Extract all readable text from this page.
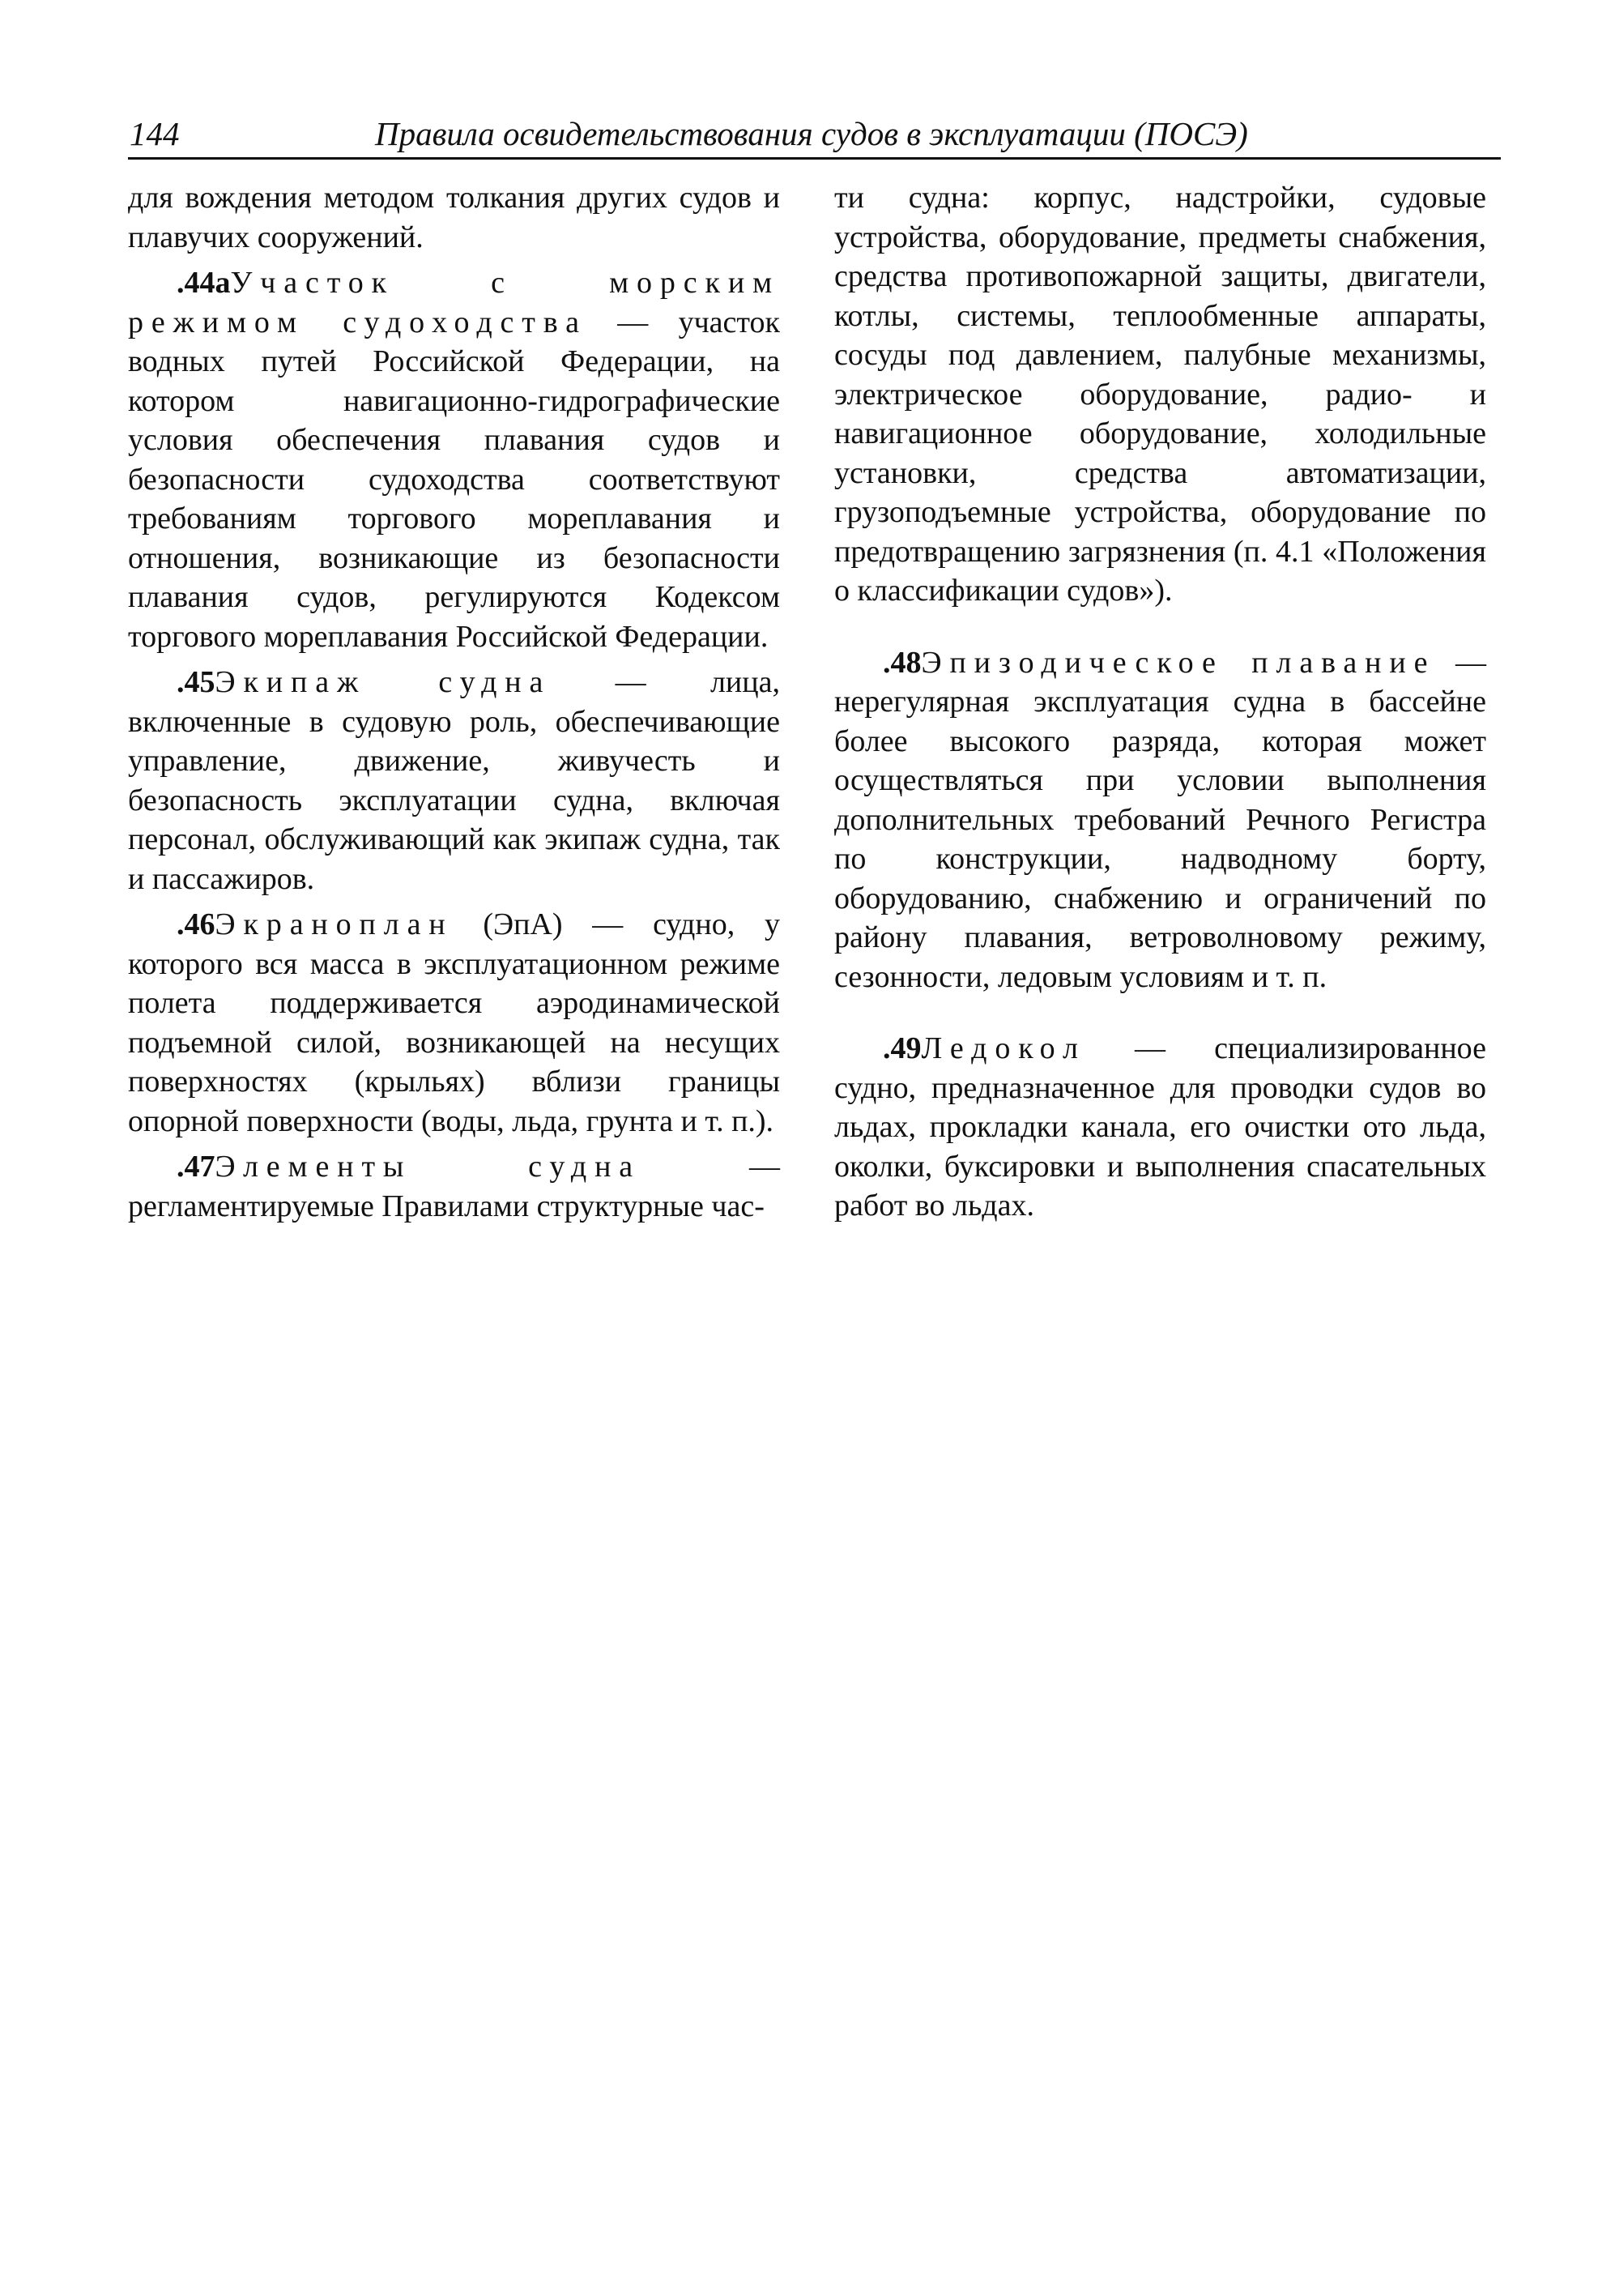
144	Правила освидетельствования судов в эксплуатации (ПОСЭ)

для вождения методом толкания других судов и плавучих сооружений.

.44аУчасток с морским режимом судоходства — участок водных путей Российской Федерации, на котором навигационно-гидрографические условия обеспечения плавания судов и безопасности судоходства соответствуют требованиям торгового мореплавания и отношения, возникающие из безопасности плавания судов, регулируются Кодексом торгового мореплавания Российской Федерации.

.45Экипаж судна — лица, включенные в судовую роль, обеспечивающие управление, движение, живучесть и безопасность эксплуатации судна, включая персонал, обслуживающий как экипаж судна, так и пассажиров.

.46Экраноплан (ЭпА) — судно, у которого вся масса в эксплуатационном режиме полета поддерживается аэродинамической подъемной силой, возникающей на несущих поверхностях (крыльях) вблизи границы опорной поверхности (воды, льда, грунта и т. п.).

.47Элементы судна — регламентируемые Правилами структурные час-

ти судна: корпус, надстройки, судовые устройства, оборудование, предметы снабжения, средства противопожарной защиты, двигатели, котлы, системы, теплообменные аппараты, сосуды под давлением, палубные механизмы, электрическое оборудование, радио- и навигационное оборудование, холодильные установки, средства автоматизации, грузоподъемные устройства, оборудование по предотвращению загрязнения (п. 4.1 «Положения о классификации судов»).

.48Эпизодическое плавание — нерегулярная эксплуатация судна в бассейне более высокого разряда, которая может осуществляться при условии выполнения дополнительных требований Речного Регистра по конструкции, надводному борту, оборудованию, снабжению и ограничений по району плавания, ветроволновому режиму, сезонности, ледовым условиям и т. п.

.49Ледокол — специализированное судно, предназначенное для проводки судов во льдах, прокладки канала, его очистки ото льда, околки, буксировки и выполнения спасательных работ во льдах.
